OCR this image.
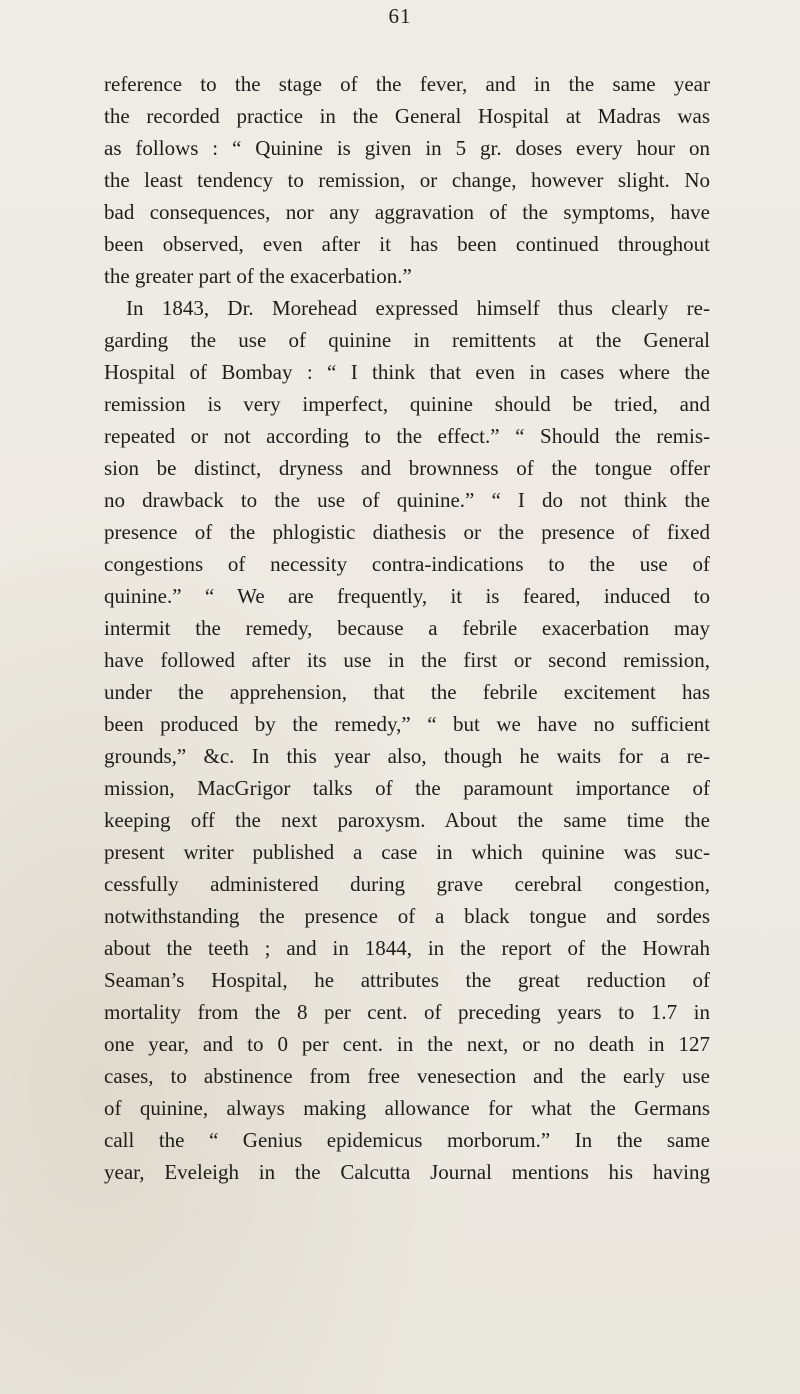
61
reference to the stage of the fever, and in the same year
the recorded practice in the General Hospital at Madras was
as follows : “ Quinine is given in 5 gr. doses every hour on
the least tendency to remission, or change, however slight. No
bad consequences, nor any aggravation of the symptoms, have
been observed, even after it has been continued throughout
the greater part of the exacerbation.”
In 1843, Dr. Morehead expressed himself thus clearly re-
garding the use of quinine in remittents at the General
Hospital of Bombay : “ I think that even in cases where the
remission is very imperfect, quinine should be tried, and
repeated or not according to the effect.” “ Should the remis-
sion be distinct, dryness and brownness of the tongue offer
no drawback to the use of quinine.” “ I do not think the
presence of the phlogistic diathesis or the presence of fixed
congestions of necessity contra-indications to the use of
quinine.” “ We are frequently, it is feared, induced to
intermit the remedy, because a febrile exacerbation may
have followed after its use in the first or second remission,
under the apprehension, that the febrile excitement has
been produced by the remedy,” “ but we have no sufficient
grounds,” &c. In this year also, though he waits for a re-
mission, MacGrigor talks of the paramount importance of
keeping off the next paroxysm. About the same time the
present writer published a case in which quinine was suc-
cessfully administered during grave cerebral congestion,
notwithstanding the presence of a black tongue and sordes
about the teeth ; and in 1844, in the report of the Howrah
Seaman’s Hospital, he attributes the great reduction of
mortality from the 8 per cent. of preceding years to 1.7 in
one year, and to 0 per cent. in the next, or no death in 127
cases, to abstinence from free venesection and the early use
of quinine, always making allowance for what the Germans
call the “ Genius epidemicus morborum.” In the same
year, Eveleigh in the Calcutta Journal mentions his having
